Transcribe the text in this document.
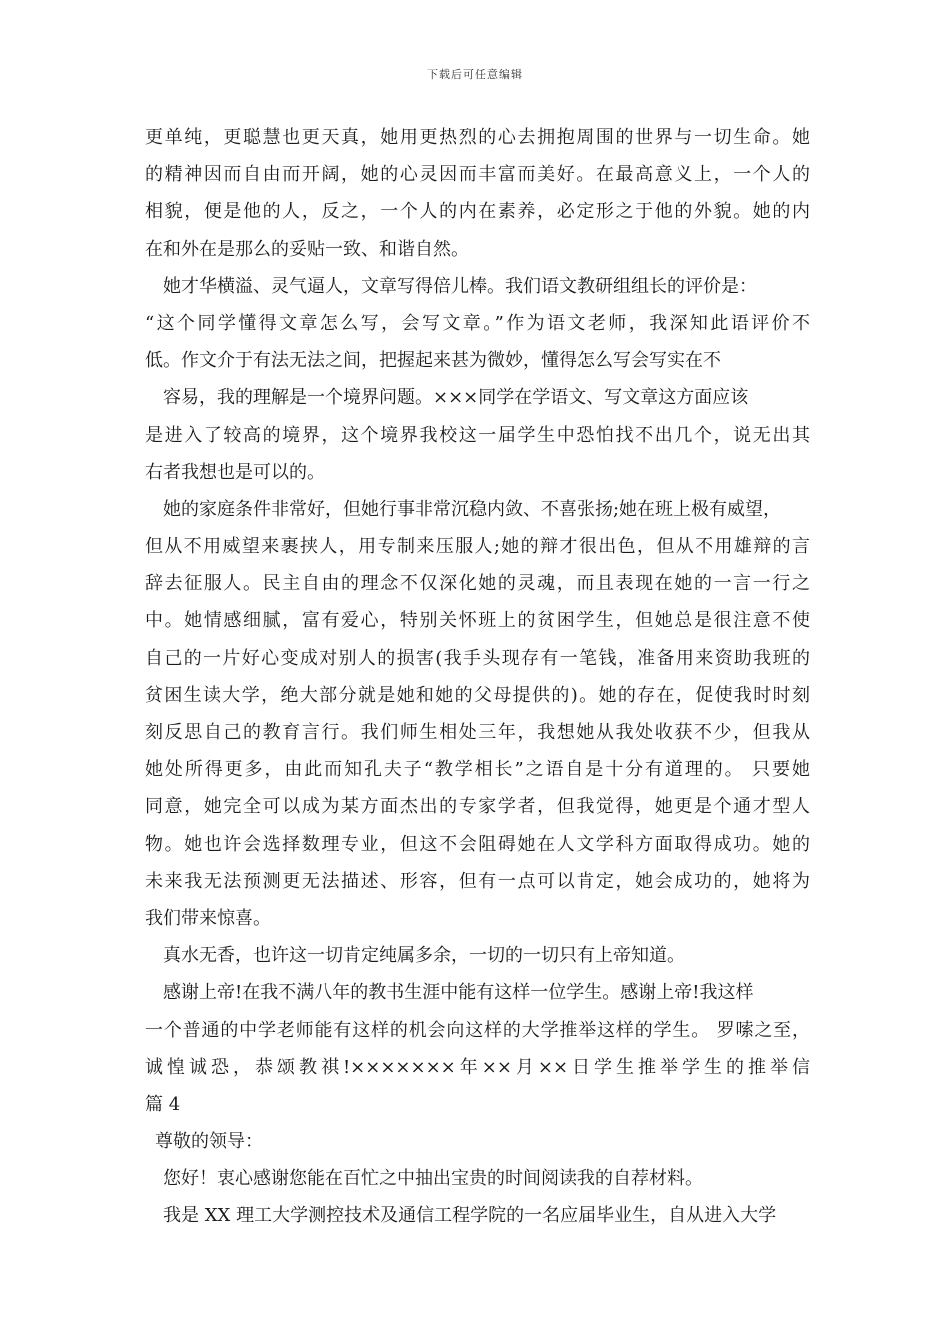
下载后可任意编辑
更单纯，更聪慧也更天真，她用更热烈的心去拥抱周围的世界与一切生命。她
的精神因而自由而开阔，她的心灵因而丰富而美好。在最高意义上，一个人的
相貌，便是他的人，反之，一个人的内在素养，必定形之于他的外貌。她的内
在和外在是那么的妥贴一致、和谐自然。
她才华横溢、灵气逼人，文章写得倍儿棒。我们语文教研组组长的评价是：
“这个同学懂得文章怎么写，会写文章。”作为语文老师，我深知此语评价不
低。作文介于有法无法之间，把握起来甚为微妙，懂得怎么写会写实在不
容易，我的理解是一个境界问题。×××同学在学语文、写文章这方面应该
是进入了较高的境界，这个境界我校这一届学生中恐怕找不出几个，说无出其
右者我想也是可以的。
她的家庭条件非常好，但她行事非常沉稳内敛、不喜张扬;她在班上极有威望，
但从不用威望来裹挟人，用专制来压服人;她的辩才很出色，但从不用雄辩的言
辞去征服人。民主自由的理念不仅深化她的灵魂，而且表现在她的一言一行之
中。她情感细腻，富有爱心，特别关怀班上的贫困学生，但她总是很注意不使
自己的一片好心变成对别人的损害(我手头现存有一笔钱，准备用来资助我班的
贫困生读大学，绝大部分就是她和她的父母提供的)。她的存在，促使我时时刻
刻反思自己的教育言行。我们师生相处三年，我想她从我处收获不少，但我从
她处所得更多，由此而知孔夫子“教学相长”之语自是十分有道理的。 只要她
同意，她完全可以成为某方面杰出的专家学者，但我觉得，她更是个通才型人
物。她也许会选择数理专业，但这不会阻碍她在人文学科方面取得成功。她的
未来我无法预测更无法描述、形容，但有一点可以肯定，她会成功的，她将为
我们带来惊喜。
真水无香，也许这一切肯定纯属多余，一切的一切只有上帝知道。
感谢上帝!在我不满八年的教书生涯中能有这样一位学生。感谢上帝!我这样
一个普通的中学老师能有这样的机会向这样的大学推举这样的学生。 罗嗦之至，
诚惶诚恐，恭颂教祺!×××××××年××月××日学生推举学生的推举信
篇 4
尊敬的领导：
您好！衷心感谢您能在百忙之中抽出宝贵的时间阅读我的自荐材料。
我是 XX 理工大学测控技术及通信工程学院的一名应届毕业生，自从进入大学
